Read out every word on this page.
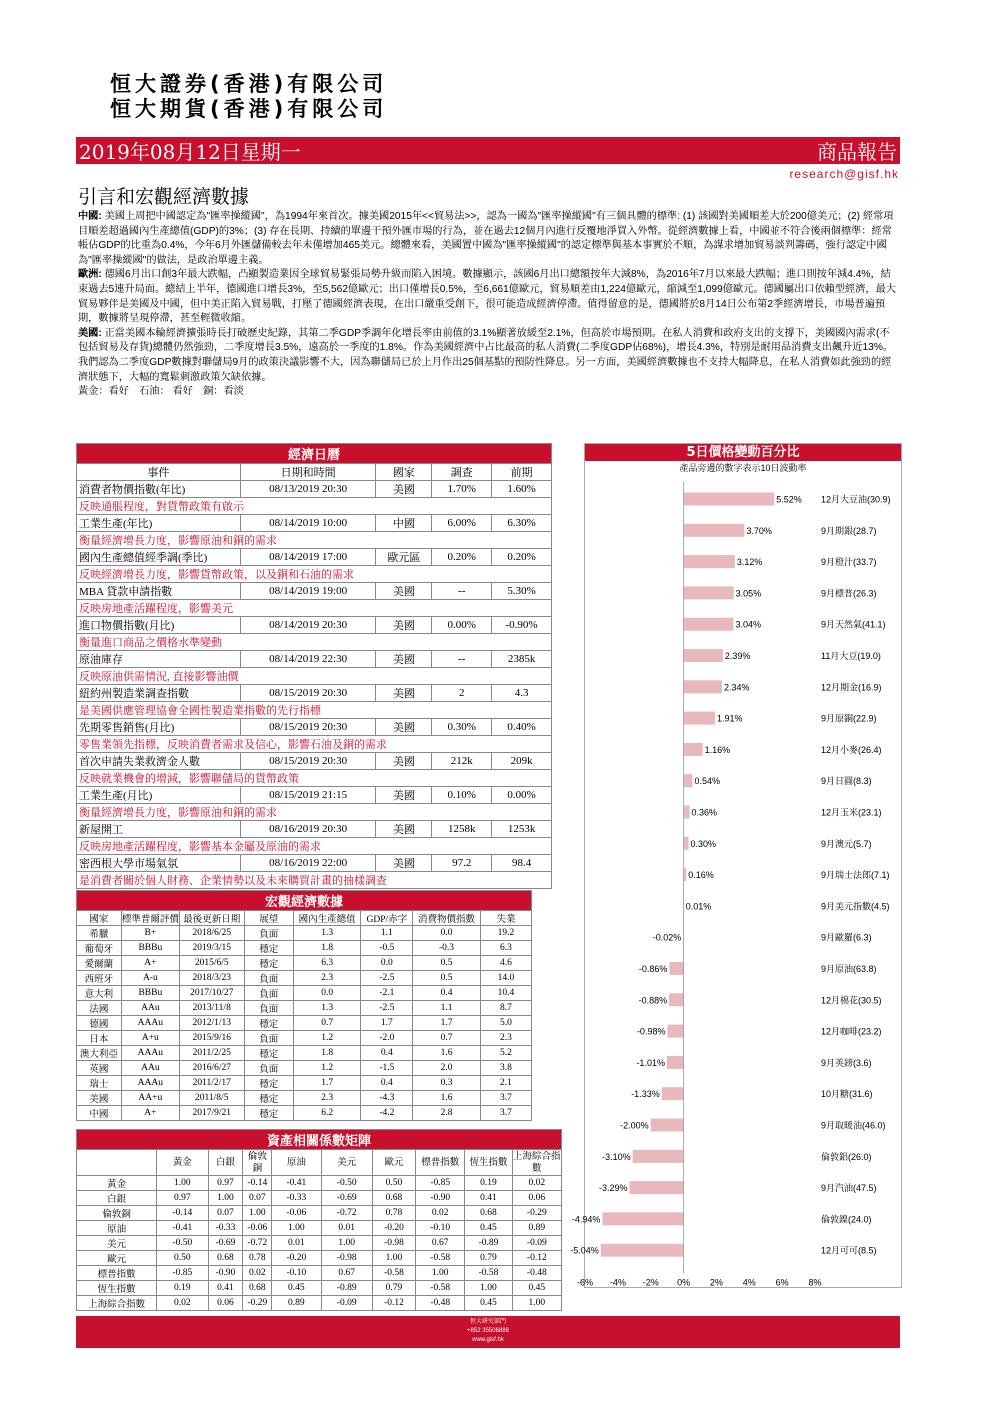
恒大證券(香港)有限公司
恒大期貨(香港)有限公司
2019年08月12日星期一	商品報告
research@gisf.hk
引言和宏觀經濟數據
中國: 美國上周把中國認定為"匯率操縱國"，為1994年來首次。據美國2015年<<貿易法>>，認為一國為"匯率操縱國"有三個具體的標準: (1) 該國對美國順差大於200億美元；(2) 經常項目順差超過國內生產總值(GDP)的3%；(3) 存在長期、持續的單邊干預外匯市場的行為，並在過去12個月內進行反覆地淨買入外幣。從經濟數據上看，中國並不符合後兩個標準：經常帳佔GDP的比重為0.4%，今年6月外匯儲備較去年未僅增加465美元。總體來看，美國置中國為"匯率操縱國"的認定標準與基本事實於不順，為謀求增加貿易談判籌碼，強行認定中國為"匯率操縱國"的做法，是政治單邊主義。
歐洲: 德國6月出口創3年最大跌幅，凸顯製造業因全球貿易緊張局勢升級而陷入困境。數據顯示，該國6月出口總額按年大減8%，為2016年7月以來最大跌幅；進口則按年減4.4%，結束過去5連升局面。總結上半年，德國進口增長3%，至5,562億歐元；出口僅增長0.5%，至6,661億歐元，貿易順差由1,224億歐元，縮減至1,099億歐元。德國屬出口依賴型經濟，最大貿易夥伴是美國及中國，但中美正陷入貿易戰，打壓了德國經濟表現，在出口嚴重受創下，很可能造成經濟停滯。值得留意的是，德國將於8月14日公布第2季經濟增長，市場普遍預期，數據將呈現停滯，甚至輕微收縮。
美國: 正當美國本輪經濟擴張時長打破歷史紀錄，其第二季GDP季調年化增長率由前值的3.1%顯著放緩至2.1%，但高於市場預期。在私人消費和政府支出的支撐下，美國國內需求(不包括貿易及存貨)總體仍然強勁，二季度增長3.5%，遠高於一季度的1.8%。作為美國經濟中占比最高的私人消費(二季度GDP佔68%)，增長4.3%，特別是耐用品消費支出飆升近13%。我們認為二季度GDP數據對聯儲局9月的政策決議影響不大，因為聯儲局已於上月作出25個基點的預防性降息。另一方面，美國經濟數據也不支持大幅降息，在私人消費如此強勁的經濟狀態下，大幅的寬鬆刺激政策欠缺依據。
黃金：看好　石油： 看好　銅：看淡
經濟日曆				
事件	日期和時間	國家	調查	前期
消費者物價指數(年比)	08/13/2019 20:30	美國	1.70%	1.60%
反映通脹程度，對貨幣政策有啟示				
工業生產(年比)	08/14/2019 10:00	中國	6.00%	6.30%
衡量經濟增長力度，影響原油和銅的需求				
國內生產總值經季調(季比)	08/14/2019 17:00	歐元區	0.20%	0.20%
反映經濟增長力度，影響貨幣政策，以及銅和石油的需求				
MBA 貸款申請指數	08/14/2019 19:00	美國	--	5.30%
反映房地產活躍程度，影響美元				
進口物價指數(月比)	08/14/2019 20:30	美國	0.00%	-0.90%
衡量進口商品之價格水準變動				
原油庫存	08/14/2019 22:30	美國	--	2385k
反映原油供需情況, 直接影響油價				
紐約州製造業調查指數	08/15/2019 20:30	美國	2	4.3
是美國供應管理協會全國性製造業指數的先行指標				
先期零售銷售(月比)	08/15/2019 20:30	美國	0.30%	0.40%
零售業領先指標，反映消費者需求及信心，影響石油及銅的需求				
首次申請失業救濟金人數	08/15/2019 20:30	美國	212k	209k
反映就業機會的增減，影響聯儲局的貨幣政策				
工業生產(月比)	08/15/2019 21:15	美國	0.10%	0.00%
衡量經濟增長力度，影響原油和銅的需求				
新屋開工	08/16/2019 20:30	美國	1258k	1253k
反映房地產活躍程度，影響基本金屬及原油的需求				
密西根大學市場氣氛	08/16/2019 22:00	美國	97.2	98.4
是消費者關於個人財務、企業情勢以及未來購買計畫的抽樣調查				
宏觀經濟數據							
國家	標準普爾評價	最後更新日期	展望	國內生產總值	GDP/赤字	消費物價指數	失業
希臘	B+	2018/6/25	負面	1.3	1.1	0.0	19.2
葡萄牙	BBBu	2019/3/15	穩定	1.8	-0.5	-0.3	6.3
愛爾蘭	A+	2015/6/5	穩定	6.3	0.0	0.5	4.6
西班牙	A-u	2018/3/23	負面	2.3	-2.5	0.5	14.0
意大利	BBBu	2017/10/27	負面	0.0	-2.1	0.4	10.4
法國	AAu	2013/11/8	負面	1.3	-2.5	1.1	8.7
德國	AAAu	2012/1/13	穩定	0.7	1.7	1.7	5.0
日本	A+u	2015/9/16	負面	1.2	-2.0	0.7	2.3
澳大利亞	AAAu	2011/2/25	穩定	1.8	0.4	1.6	5.2
英國	AAu	2016/6/27	負面	1.2	-1.5	2.0	3.8
瑞士	AAAu	2011/2/17	穩定	1.7	0.4	0.3	2.1
美國	AA+u	2011/8/5	穩定	2.3	-4.3	1.6	3.7
中國	A+	2017/9/21	穩定	6.2	-4.2	2.8	3.7
資產相關係數矩陣									
	黃金	白銀	倫敦銅	原油	美元	歐元	標普指數	恆生指數	上海綜合指數
黃金	1.00	0.97	-0.14	-0.41	-0.50	0.50	-0.85	0.19	0.02
白銀	0.97	1.00	0.07	-0.33	-0.69	0.68	-0.90	0.41	0.06
倫敦銅	-0.14	0.07	1.00	-0.06	-0.72	0.78	0.02	0.68	-0.29
原油	-0.41	-0.33	-0.06	1.00	0.01	-0.20	-0.10	0.45	0.89
美元	-0.50	-0.69	-0.72	0.01	1.00	-0.98	0.67	-0.89	-0.09
歐元	0.50	0.68	0.78	-0.20	-0.98	1.00	-0.58	0.79	-0.12
標普指數	-0.85	-0.90	0.02	-0.10	0.67	-0.58	1.00	-0.58	-0.48
恆生指數	0.19	0.41	0.68	0.45	-0.89	0.79	-0.58	1.00	0.45
上海綜合指數	0.02	0.06	-0.29	0.89	-0.09	-0.12	-0.48	0.45	1.00
5日價格變動百分比
產品旁邊的數字表示10日波動率
5.52% 12月大豆油(30.9)
3.70%	9月期銀(28.7)
3.12%	9月橙汁(33.7)
3.05%	9月標普(26.3)
3.04%	9月天然氣(41.1)
2.39%	11月大豆(19.0)
2.34%	12月期金(16.9)
1.91%	9月原銅(22.9)
1.16%	12月小麥(26.4)
0.54%	9月日圓(8.3)
0.36%	12月玉米(23.1)
0.30%	9月澳元(5.7)
0.16%	9月瑞士法郎(7.1)
0.01%	9月美元指數(4.5)
-0.02%	9月歐羅(6.3)
-0.86%	9月原油(63.8)
-0.88%	12月棉花(30.5)
-0.98%	12月咖啡(23.2)
-1.01%	9月英鎊(3.6)
-1.33%	10月糖(31.6)
-2.00%	9月取暖油(46.0)
-3.10%	倫敦鋁(26.0)
-3.29%	9月汽油(47.5)
-4.94%	倫敦鎳(24.0)
-5.04%	12月可可(8.5)
-6% -4% -2% 0% 2% 4% 6% 8%
恒大研究部門
+852 35506888
www.gisf.hk
